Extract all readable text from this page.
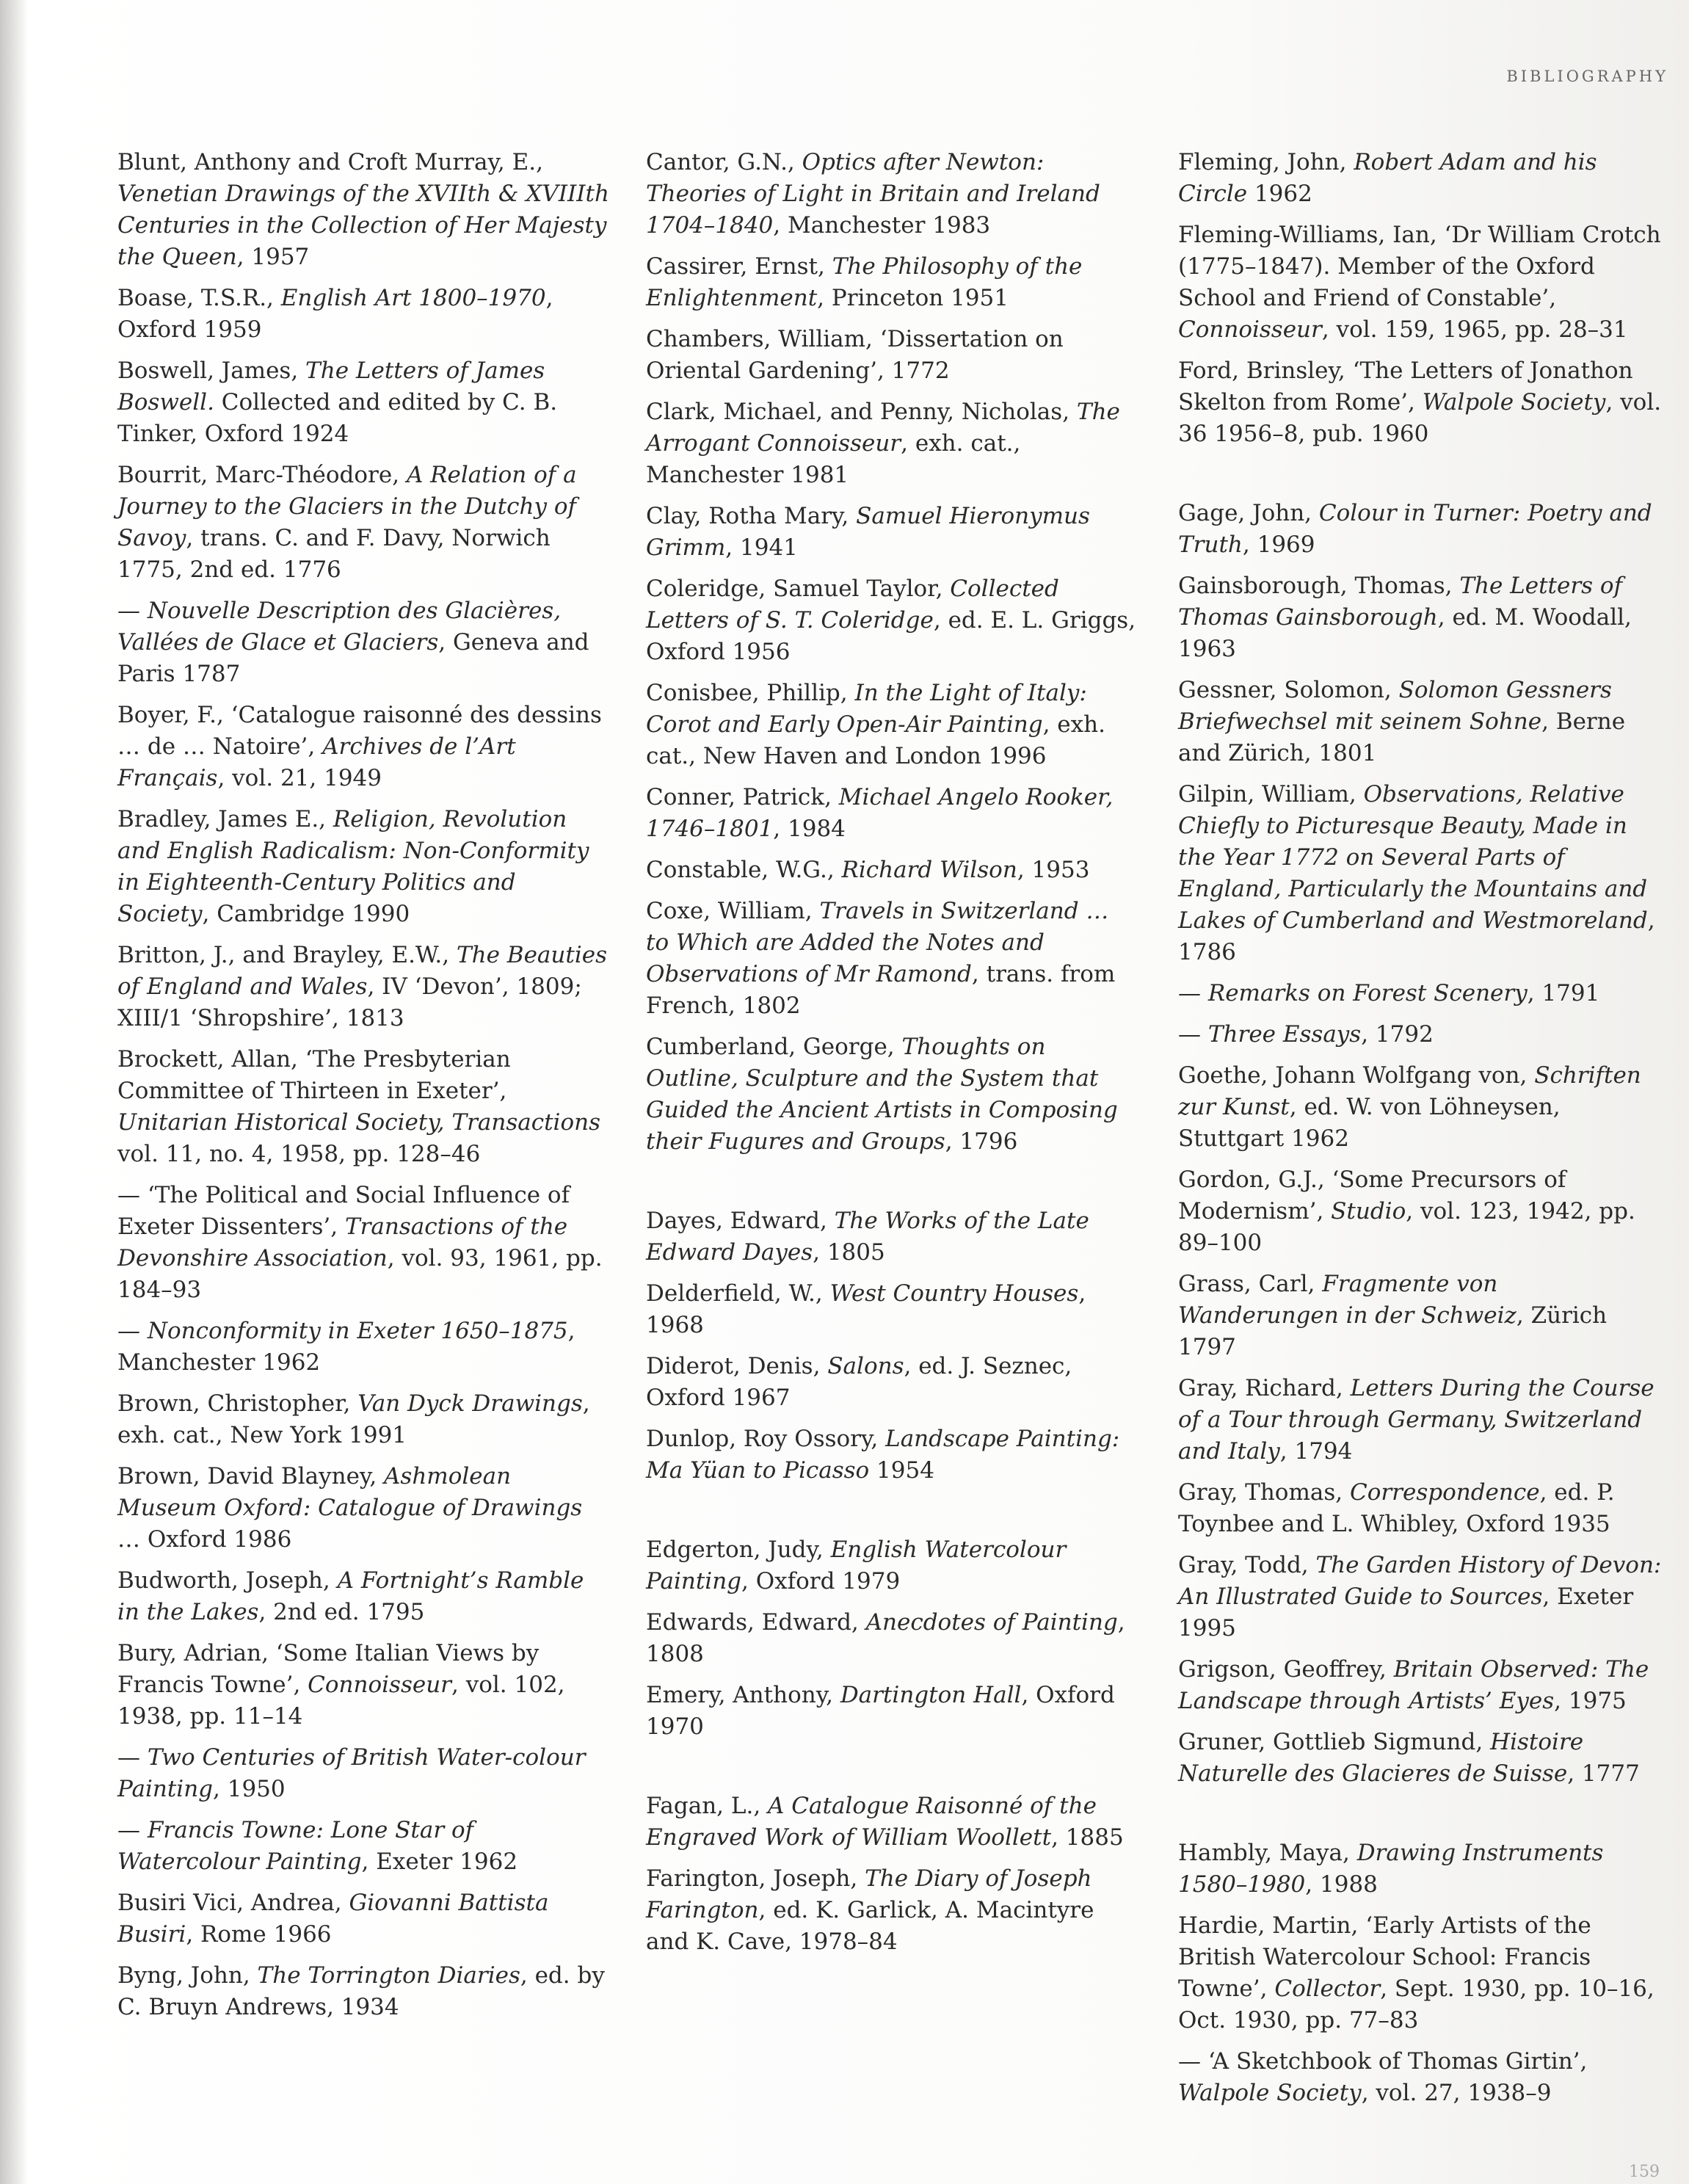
BIBLIOGRAPHY
Blunt, Anthony and Croft Murray, E., Venetian Drawings of the XVIIth & XVIIIth Centuries in the Collection of Her Majesty the Queen, 1957
Boase, T.S.R., English Art 1800–1970, Oxford 1959
Boswell, James, The Letters of James Boswell. Collected and edited by C. B. Tinker, Oxford 1924
Bourrit, Marc-Théodore, A Relation of a Journey to the Glaciers in the Dutchy of Savoy, trans. C. and F. Davy, Norwich 1775, 2nd ed. 1776
— Nouvelle Description des Glacières, Vallées de Glace et Glaciers, Geneva and Paris 1787
Boyer, F., ‘Catalogue raisonné des dessins … de … Natoire’, Archives de l’Art Français, vol. 21, 1949
Bradley, James E., Religion, Revolution and English Radicalism: Non-Conformity in Eighteenth-Century Politics and Society, Cambridge 1990
Britton, J., and Brayley, E.W., The Beauties of England and Wales, IV ‘Devon’, 1809; XIII/1 ‘Shropshire’, 1813
Brockett, Allan, ‘The Presbyterian Committee of Thirteen in Exeter’, Unitarian Historical Society, Transactions vol. 11, no. 4, 1958, pp. 128–46
— ‘The Political and Social Influence of Exeter Dissenters’, Transactions of the Devonshire Association, vol. 93, 1961, pp. 184–93
— Nonconformity in Exeter 1650–1875, Manchester 1962
Brown, Christopher, Van Dyck Drawings, exh. cat., New York 1991
Brown, David Blayney, Ashmolean Museum Oxford: Catalogue of Drawings … Oxford 1986
Budworth, Joseph, A Fortnight’s Ramble in the Lakes, 2nd ed. 1795
Bury, Adrian, ‘Some Italian Views by Francis Towne’, Connoisseur, vol. 102, 1938, pp. 11–14
— Two Centuries of British Water-colour Painting, 1950
— Francis Towne: Lone Star of Watercolour Painting, Exeter 1962
Busiri Vici, Andrea, Giovanni Battista Busiri, Rome 1966
Byng, John, The Torrington Diaries, ed. by C. Bruyn Andrews, 1934
Cantor, G.N., Optics after Newton: Theories of Light in Britain and Ireland 1704–1840, Manchester 1983
Cassirer, Ernst, The Philosophy of the Enlightenment, Princeton 1951
Chambers, William, ‘Dissertation on Oriental Gardening’, 1772
Clark, Michael, and Penny, Nicholas, The Arrogant Connoisseur, exh. cat., Manchester 1981
Clay, Rotha Mary, Samuel Hieronymus Grimm, 1941
Coleridge, Samuel Taylor, Collected Letters of S. T. Coleridge, ed. E. L. Griggs, Oxford 1956
Conisbee, Phillip, In the Light of Italy: Corot and Early Open-Air Painting, exh. cat., New Haven and London 1996
Conner, Patrick, Michael Angelo Rooker, 1746–1801, 1984
Constable, W.G., Richard Wilson, 1953
Coxe, William, Travels in Switzerland … to Which are Added the Notes and Observations of Mr Ramond, trans. from French, 1802
Cumberland, George, Thoughts on Outline, Sculpture and the System that Guided the Ancient Artists in Composing their Fugures and Groups, 1796
Dayes, Edward, The Works of the Late Edward Dayes, 1805
Delderfield, W., West Country Houses, 1968
Diderot, Denis, Salons, ed. J. Seznec, Oxford 1967
Dunlop, Roy Ossory, Landscape Painting: Ma Yüan to Picasso 1954
Edgerton, Judy, English Watercolour Painting, Oxford 1979
Edwards, Edward, Anecdotes of Painting, 1808
Emery, Anthony, Dartington Hall, Oxford 1970
Fagan, L., A Catalogue Raisonné of the Engraved Work of William Woollett, 1885
Farington, Joseph, The Diary of Joseph Farington, ed. K. Garlick, A. Macintyre and K. Cave, 1978–84
Fleming, John, Robert Adam and his Circle 1962
Fleming-Williams, Ian, ‘Dr William Crotch (1775–1847). Member of the Oxford School and Friend of Constable’, Connoisseur, vol. 159, 1965, pp. 28–31
Ford, Brinsley, ‘The Letters of Jonathon Skelton from Rome’, Walpole Society, vol. 36 1956–8, pub. 1960
Gage, John, Colour in Turner: Poetry and Truth, 1969
Gainsborough, Thomas, The Letters of Thomas Gainsborough, ed. M. Woodall, 1963
Gessner, Solomon, Solomon Gessners Briefwechsel mit seinem Sohne, Berne and Zürich, 1801
Gilpin, William, Observations, Relative Chiefly to Picturesque Beauty, Made in the Year 1772 on Several Parts of England, Particularly the Mountains and Lakes of Cumberland and Westmoreland, 1786
— Remarks on Forest Scenery, 1791
— Three Essays, 1792
Goethe, Johann Wolfgang von, Schriften zur Kunst, ed. W. von Löhneysen, Stuttgart 1962
Gordon, G.J., ‘Some Precursors of Modernism’, Studio, vol. 123, 1942, pp. 89–100
Grass, Carl, Fragmente von Wanderungen in der Schweiz, Zürich 1797
Gray, Richard, Letters During the Course of a Tour through Germany, Switzerland and Italy, 1794
Gray, Thomas, Correspondence, ed. P. Toynbee and L. Whibley, Oxford 1935
Gray, Todd, The Garden History of Devon: An Illustrated Guide to Sources, Exeter 1995
Grigson, Geoffrey, Britain Observed: The Landscape through Artists’ Eyes, 1975
Gruner, Gottlieb Sigmund, Histoire Naturelle des Glacieres de Suisse, 1777
Hambly, Maya, Drawing Instruments 1580–1980, 1988
Hardie, Martin, ‘Early Artists of the British Watercolour School: Francis Towne’, Collector, Sept. 1930, pp. 10–16, Oct. 1930, pp. 77–83
— ‘A Sketchbook of Thomas Girtin’, Walpole Society, vol. 27, 1938–9
159
